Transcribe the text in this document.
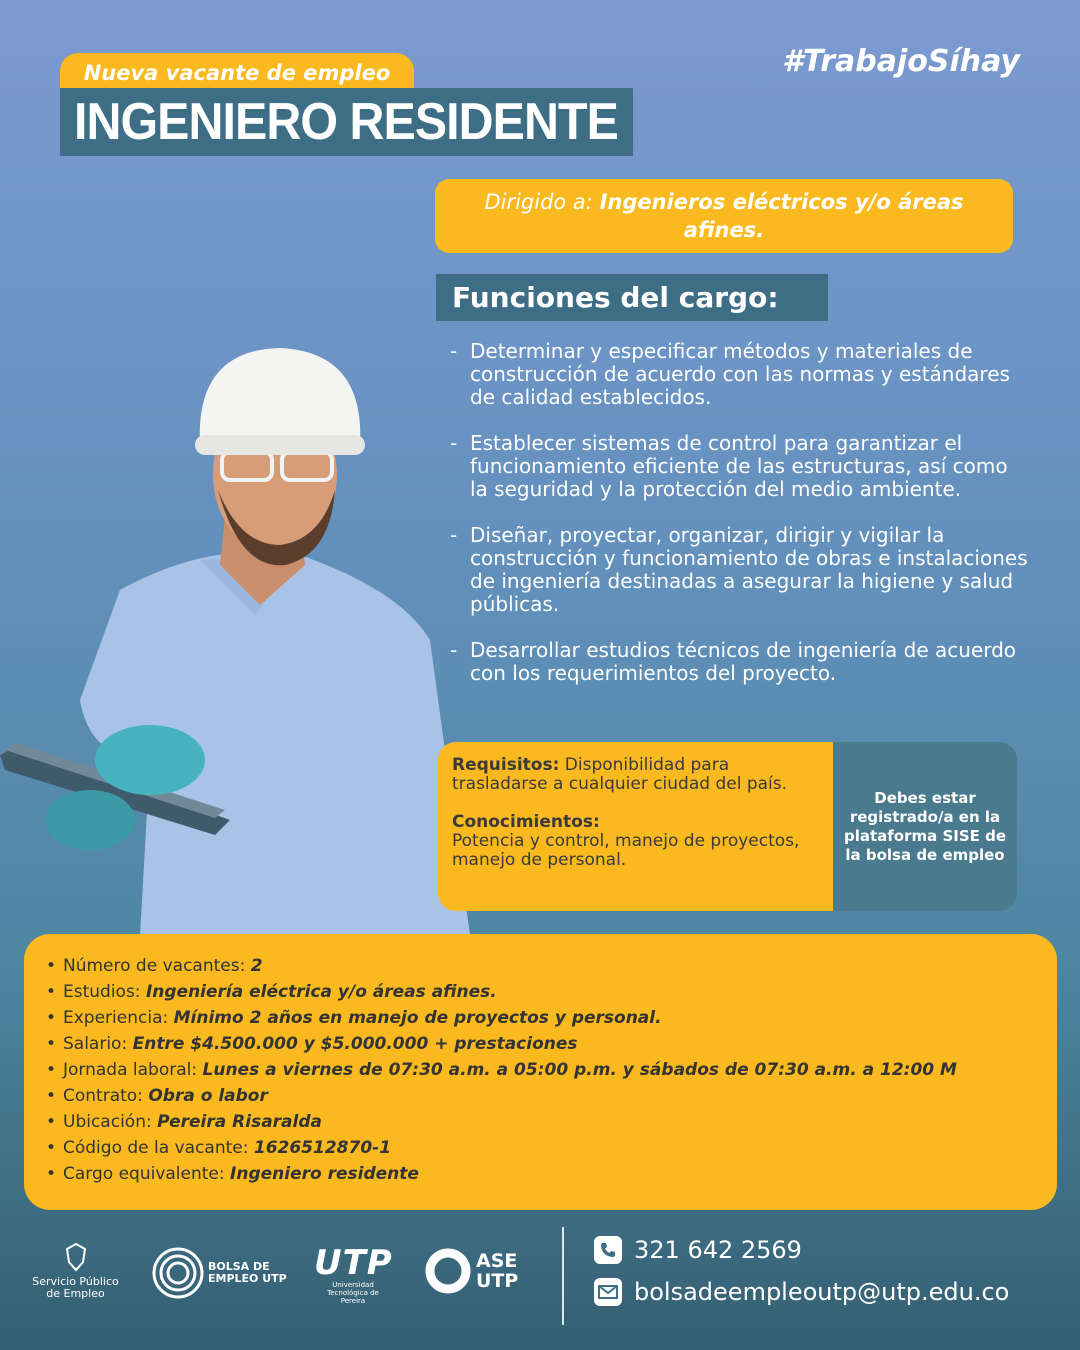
Nueva vacante de empleo
INGENIERO RESIDENTE
#TrabajoSíhay
Dirigido a: Ingenieros eléctricos y/o áreas afines.
Funciones del cargo:
- Determinar y especificar métodos y materiales de construcción de acuerdo con las normas y estándares de calidad establecidos.
- Establecer sistemas de control para garantizar el funcionamiento eficiente de las estructuras, así como la seguridad y la protección del medio ambiente.
- Diseñar, proyectar, organizar, dirigir y vigilar la construcción y funcionamiento de obras e instalaciones de ingeniería destinadas a asegurar la higiene y salud públicas.
- Desarrollar estudios técnicos de ingeniería de acuerdo con los requerimientos del proyecto.
Requisitos: Disponibilidad para trasladarse a cualquier ciudad del país.
Conocimientos:
Potencia y control, manejo de proyectos, manejo de personal.
Debes estar registrado/a en la plataforma SISE de la bolsa de empleo
• Número de vacantes: 2
• Estudios: Ingeniería eléctrica y/o áreas afines.
• Experiencia: Mínimo 2 años en manejo de proyectos y personal.
• Salario: Entre $4.500.000 y $5.000.000 + prestaciones
• Jornada laboral: Lunes a viernes de 07:30 a.m. a 05:00 p.m. y sábados de 07:30 a.m. a 12:00 M
• Contrato: Obra o labor
• Ubicación: Pereira Risaralda
• Código de la vacante: 1626512870-1
• Cargo equivalente: Ingeniero residente
Servicio Público de Empleo
BOLSA DE EMPLEO UTP UTP
Universidad Tecnológica de Pereira
ASE UTP
321 642 2569
bolsadeempleoutp@utp.edu.co
